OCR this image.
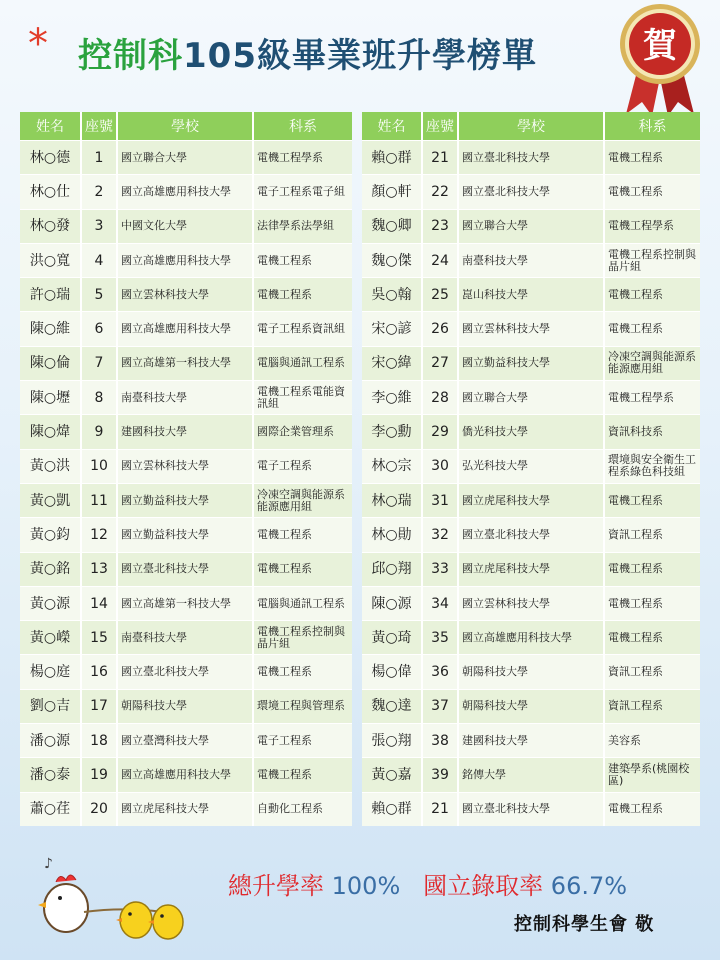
* 控制科105級畢業班升學榜單	賀
姓名	座號	學校	科系
林○德	1	國立聯合大學	電機工程學系
林○仕	2	國立高雄應用科技大學	電子工程系電子組
林○發	3	中國文化大學	法律學系法學組
洪○寬	4	國立高雄應用科技大學	電機工程系
許○瑞	5	國立雲林科技大學	電機工程系
陳○維	6	國立高雄應用科技大學	電子工程系資訊組
陳○倫	7	國立高雄第一科技大學	電腦與通訊工程系
陳○壢	8	南臺科技大學	電機工程系電能資訊組
陳○煒	9	建國科技大學	國際企業管理系
黃○洪	10	國立雲林科技大學	電子工程系
黃○凱	11	國立勤益科技大學	冷凍空調與能源系能源應用組
黃○鈞	12	國立勤益科技大學	電機工程系
黃○銘	13	國立臺北科技大學	電機工程系
黃○源	14	國立高雄第一科技大學	電腦與通訊工程系
黃○嶸	15	南臺科技大學	電機工程系控制與晶片組
楊○庭	16	國立臺北科技大學	電機工程系
劉○吉	17	朝陽科技大學	環境工程與管理系
潘○源	18	國立臺灣科技大學	電子工程系
潘○泰	19	國立高雄應用科技大學	電機工程系
蕭○荏	20	國立虎尾科技大學	自動化工程系
姓名	座號	學校	科系
賴○群	21	國立臺北科技大學	電機工程系
顏○軒	22	國立臺北科技大學	電機工程系
魏○卿	23	國立聯合大學	電機工程學系
魏○傑	24	南臺科技大學	電機工程系控制與晶片組
吳○翰	25	崑山科技大學	電機工程系
宋○諺	26	國立雲林科技大學	電機工程系
宋○緯	27	國立勤益科技大學	冷凍空調與能源系能源應用組
李○維	28	國立聯合大學	電機工程學系
李○勳	29	僑光科技大學	資訊科技系
林○宗	30	弘光科技大學	環境與安全衛生工程系綠色科技組
林○瑞	31	國立虎尾科技大學	電機工程系
林○勛	32	國立臺北科技大學	資訊工程系
邱○翔	33	國立虎尾科技大學	電機工程系
陳○源	34	國立雲林科技大學	電機工程系
黃○琦	35	國立高雄應用科技大學	電機工程系
楊○偉	36	朝陽科技大學	資訊工程系
魏○達	37	朝陽科技大學	資訊工程系
張○翔	38	建國科技大學	美容系
黃○嘉	39	銘傳大學	建築學系(桃園校區)
賴○群	21	國立臺北科技大學	電機工程系
♪
總升學率 100% 國立錄取率 66.7%
控制科學生會 敬
